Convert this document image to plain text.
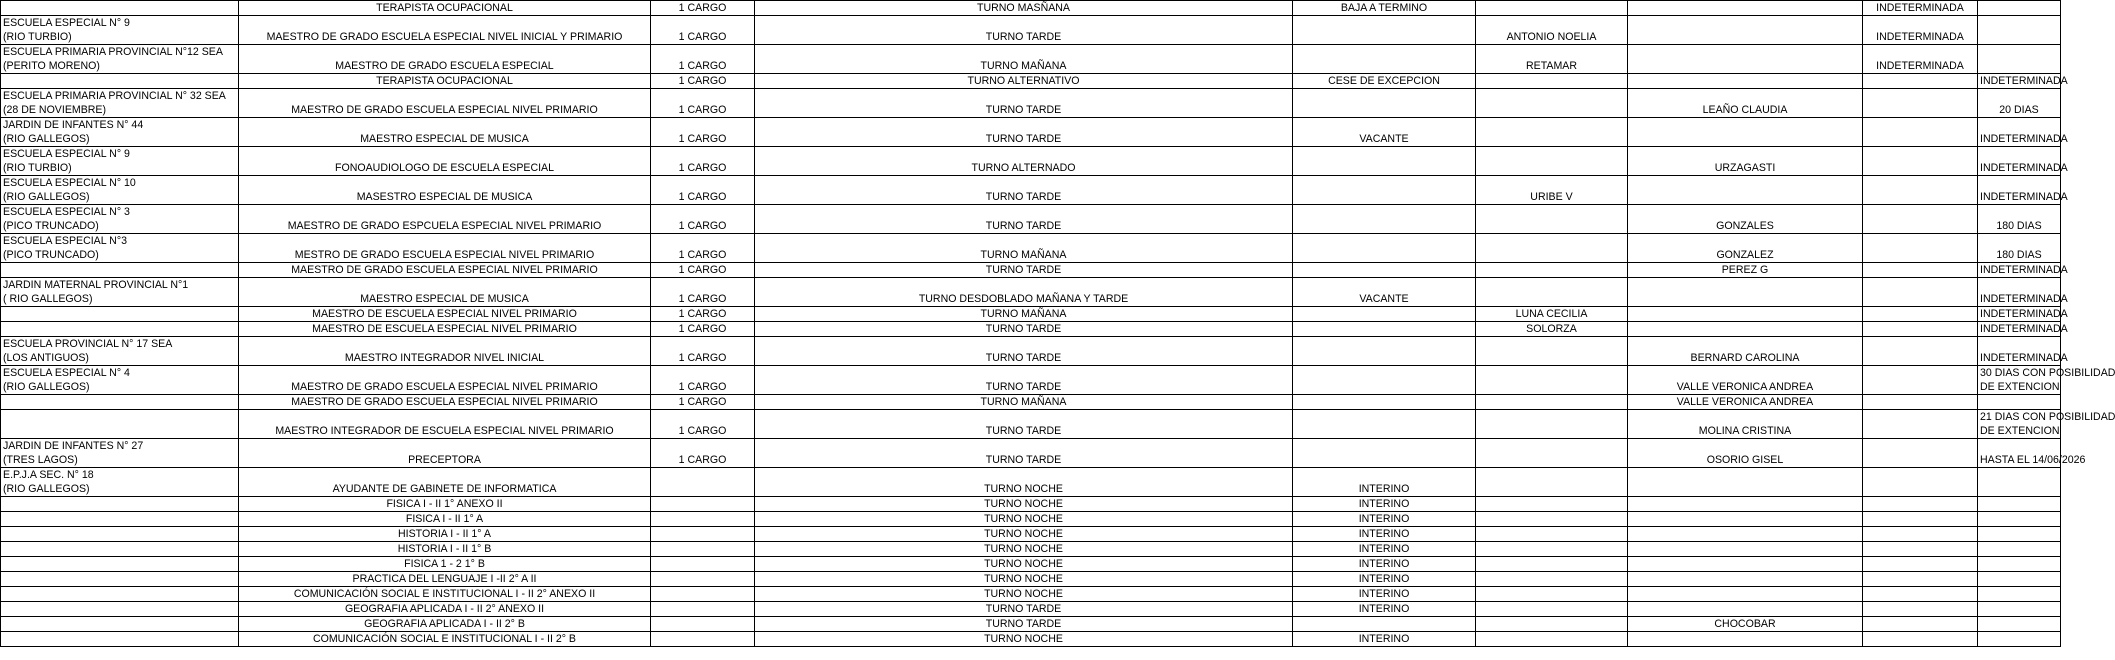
	TERAPISTA OCUPACIONAL	1 CARGO	TURNO MASÑANA	BAJA A TERMINO			INDETERMINADA	

ESCUELA ESPECIAL N° 9
(RIO TURBIO)	MAESTRO DE GRADO ESCUELA ESPECIAL NIVEL INICIAL Y PRIMARIO	1 CARGO	TURNO TARDE		ANTONIO NOELIA		INDETERMINADA	

ESCUELA PRIMARIA PROVINCIAL N°12 SEA
(PERITO MORENO)	MAESTRO DE GRADO ESCUELA ESPECIAL	1 CARGO	TURNO MAÑANA		RETAMAR		INDETERMINADA	

	TERAPISTA OCUPACIONAL	1 CARGO	TURNO ALTERNATIVO	CESE DE EXCEPCION				INDETERMINADA

ESCUELA PRIMARIA PROVINCIAL N° 32 SEA
(28 DE NOVIEMBRE)	MAESTRO DE GRADO ESCUELA ESPECIAL NIVEL PRIMARIO	1 CARGO	TURNO TARDE			LEAÑO CLAUDIA		20 DIAS

JARDIN DE INFANTES N° 44
(RIO GALLEGOS)	MAESTRO ESPECIAL DE MUSICA	1 CARGO	TURNO TARDE	VACANTE				INDETERMINADA

ESCUELA ESPECIAL N° 9
(RIO TURBIO)	FONOAUDIOLOGO DE ESCUELA ESPECIAL	1 CARGO	TURNO ALTERNADO			URZAGASTI		INDETERMINADA

ESCUELA ESPECIAL N° 10
(RIO GALLEGOS)	MASESTRO ESPECIAL DE MUSICA	1 CARGO	TURNO TARDE		URIBE V			INDETERMINADA

ESCUELA ESPECIAL N° 3
(PICO TRUNCADO)	MAESTRO DE GRADO ESPCUELA ESPECIAL NIVEL PRIMARIO	1 CARGO	TURNO TARDE			GONZALES		180 DIAS

ESCUELA ESPECIAL N°3
(PICO TRUNCADO)	MESTRO DE GRADO ESCUELA ESPECIAL NIVEL PRIMARIO	1 CARGO	TURNO MAÑANA			GONZALEZ		180 DIAS

	MAESTRO DE GRADO ESCUELA ESPECIAL NIVEL PRIMARIO	1 CARGO	TURNO TARDE			PEREZ G		INDETERMINADA

JARDIN MATERNAL PROVINCIAL N°1
( RIO GALLEGOS)	MAESTRO ESPECIAL DE MUSICA	1 CARGO	TURNO DESDOBLADO MAÑANA Y TARDE	VACANTE				INDETERMINADA

	MAESTRO DE ESCUELA ESPECIAL NIVEL PRIMARIO	1 CARGO	TURNO MAÑANA		LUNA CECILIA			INDETERMINADA

	MAESTRO DE ESCUELA ESPECIAL NIVEL PRIMARIO	1 CARGO	TURNO TARDE		SOLORZA			INDETERMINADA

ESCUELA PROVINCIAL N° 17 SEA
(LOS ANTIGUOS)	MAESTRO INTEGRADOR NIVEL INICIAL	1 CARGO	TURNO TARDE			BERNARD CAROLINA		INDETERMINADA

ESCUELA ESPECIAL N° 4
(RIO GALLEGOS)	MAESTRO DE GRADO ESCUELA ESPECIAL NIVEL PRIMARIO	1 CARGO	TURNO TARDE			VALLE VERONICA ANDREA		30 DIAS CON POSIBILIDAD
DE EXTENCION

	MAESTRO DE GRADO ESCUELA ESPECIAL NIVEL PRIMARIO	1 CARGO	TURNO MAÑANA			VALLE VERONICA ANDREA		
	MAESTRO INTEGRADOR DE ESCUELA ESPECIAL NIVEL PRIMARIO	1 CARGO	TURNO TARDE			MOLINA CRISTINA		21 DIAS CON POSIBILIDAD
DE EXTENCION

JARDIN DE INFANTES N° 27
(TRES LAGOS)	PRECEPTORA	1 CARGO	TURNO TARDE			OSORIO GISEL		HASTA EL 14/06/2026

E.P.J.A SEC. N° 18
(RIO GALLEGOS)	AYUDANTE DE GABINETE DE INFORMATICA		TURNO NOCHE	INTERINO				
	FISICA I - II 1° ANEXO II		TURNO NOCHE	INTERINO				
	FISICA I - II 1° A		TURNO NOCHE	INTERINO				
	HISTORIA I - II 1° A		TURNO NOCHE	INTERINO				
	HISTORIA I - II 1° B		TURNO NOCHE	INTERINO				
	FISICA 1 - 2 1° B		TURNO NOCHE	INTERINO				
	PRACTICA DEL LENGUAJE I -II 2° A II		TURNO NOCHE	INTERINO				
	COMUNICACIÓN SOCIAL E INSTITUCIONAL I - II 2° ANEXO II		TURNO NOCHE	INTERINO				
	GEOGRAFIA APLICADA I - II 2° ANEXO II		TURNO TARDE	INTERINO				
	GEOGRAFIA APLICADA I - II 2° B		TURNO TARDE			CHOCOBAR		
	COMUNICACIÓN SOCIAL E INSTITUCIONAL I - II 2° B		TURNO NOCHE	INTERINO				
